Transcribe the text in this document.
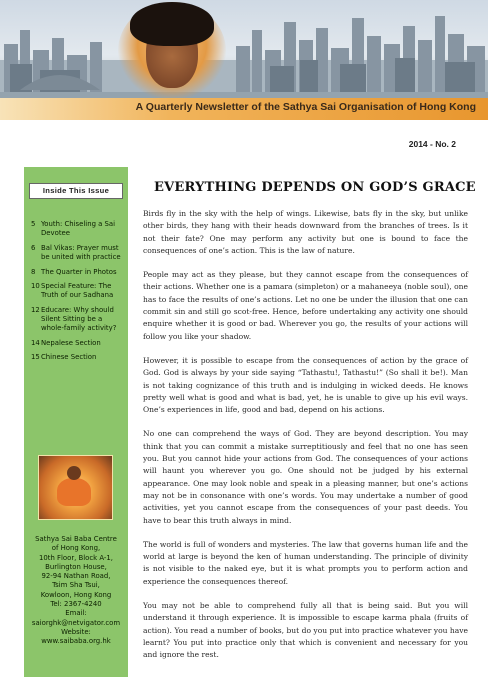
A Quarterly Newsletter of the Sathya Sai Organisation of Hong Kong
2014 - No. 2
Inside This Issue
5 Youth: Chiseling a Sai Devotee
6 Bal Vikas: Prayer must be united with practice
8 The Quarter in Photos
10 Special Feature: The Truth of our Sadhana
12 Educare: Why should Silent Sitting be a whole-family activity?
14 Nepalese Section
15 Chinese Section
Sathya Sai Baba Centre
of Hong Kong,
10th Floor, Block A-1,
Burlington House,
92-94 Nathan Road,
Tsim Sha Tsui,
Kowloon, Hong Kong
Tel: 2367-4240
Email:
saiorghk@netvigator.com
Website:
www.saibaba.org.hk
EVERYTHING DEPENDS ON GOD’S GRACE

Birds fly in the sky with the help of wings. Likewise, bats fly in the sky, but unlike other birds, they hang with their heads downward from the branches of trees. Is it not their fate? One may perform any activity but one is bound to face the consequences of one’s action. This is the law of nature.

People may act as they please, but they cannot escape from the consequences of their actions. Whether one is a pamara (simpleton) or a mahaneeya (noble soul), one has to face the results of one’s actions. Let no one be under the illusion that one can commit sin and still go scot-free. Hence, before undertaking any activity one should enquire whether it is good or bad. Wherever you go, the results of your actions will follow you like your shadow.

However, it is possible to escape from the consequences of action by the grace of God. God is always by your side saying “Tathastu!, Tathastu!” (So shall it be!). Man is not taking cognizance of this truth and is indulging in wicked deeds. He knows pretty well what is good and what is bad, yet, he is unable to give up his evil ways. One’s experiences in life, good and bad, depend on his actions.

No one can comprehend the ways of God. They are beyond description. You may think that you can commit a mistake surreptitiously and feel that no one has seen you. But you cannot hide your actions from God. The consequences of your actions will haunt you wherever you go. One should not be judged by his external appearance. One may look noble and speak in a pleasing manner, but one’s actions may not be in consonance with one’s words. You may undertake a number of good activities, yet you cannot escape from the consequences of your past deeds. You have to bear this truth always in mind.

The world is full of wonders and mysteries. The law that governs human life and the world at large is beyond the ken of human understanding. The principle of divinity is not visible to the naked eye, but it is what prompts you to perform action and experience the consequences thereof.

You may not be able to comprehend fully all that is being said. But you will understand it through experience. It is impossible to escape karma phala (fruits of action). You read a number of books, but do you put into practice whatever you have learnt? You put into practice only that which is convenient and necessary for you and ignore the rest.
